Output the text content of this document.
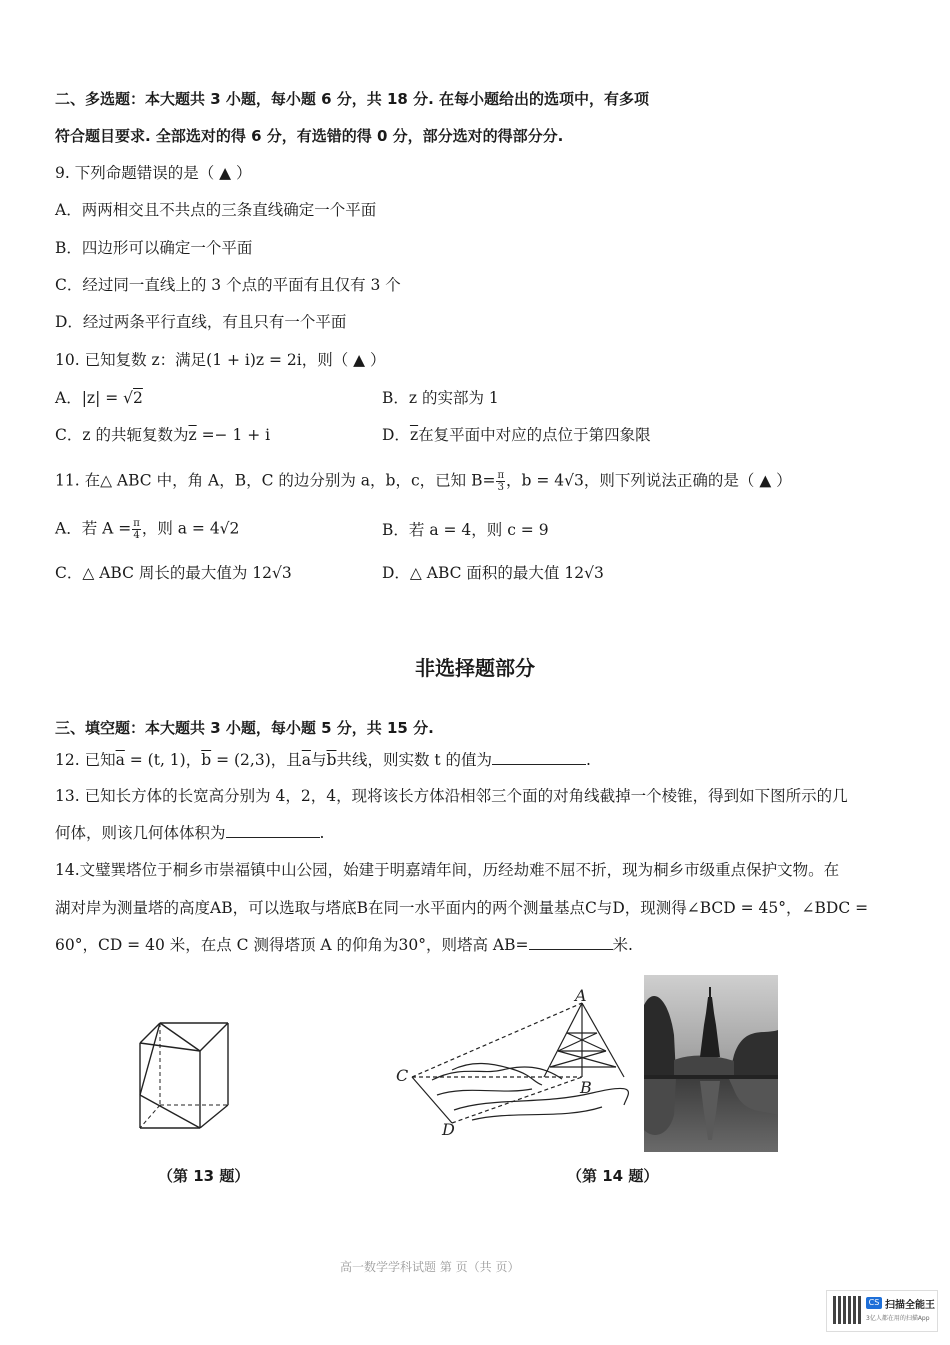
二、多选题：本大题共 3 小题，每小题 6 分，共 18 分. 在每小题给出的选项中，有多项
符合题目要求. 全部选对的得 6 分，有选错的得 0 分，部分选对的得部分分.
9. 下列命题错误的是（ ▲ ）
A．两两相交且不共点的三条直线确定一个平面
B．四边形可以确定一个平面
C．经过同一直线上的 3 个点的平面有且仅有 3 个
D．经过两条平行直线，有且只有一个平面
10. 已知复数 z：满足(1 + i)z = 2i，则（ ▲ ）
A．|z| = √2	B．z 的实部为 1
C．z 的共轭复数为$\overline{z} =- 1 + i$	D．$\overline{z}$在复平面中对应的点位于第四象限
11. 在△ ABC 中，角 A，B，C 的边分别为 a，b，c，已知 $B= \frac{\pi}{3}$ ，b = 4√3，则下列说法正确的是（ ▲ ）
A．若 $A = \frac{\pi}{4}$ ，则 a = 4√2	B．若 a = 4，则 c = 9
C．△ ABC 周长的最大值为 12√3	D．△ ABC 面积的最大值 12√3
非选择题部分
三、填空题：本大题共 3 小题，每小题 5 分，共 15 分.
12. 已知$\overline{a} = (t$, 1)，$\overline{b} = (2,3)$，且$\overline{a}$与$\overline{b}$共线，则实数 t 的值为	.
13. 已知长方体的长宽高分别为 4，2，4，现将该长方体沿相邻三个面的对角线截掉一个棱锥，得到如下图所示的几
何体，则该几何体体积为	.
14.文璧巽塔位于桐乡市崇福镇中山公园，始建于明嘉靖年间，历经劫难不屈不折，现为桐乡市级重点保护文物。在
湖对岸为测量塔的高度AB，可以选取与塔底B在同一水平面内的两个测量基点C与D，现测得∠BCD = 45°，∠BDC =
60°，CD = 40 米，在点 C 测得塔顶 A 的仰角为30°，则塔高 AB=	米.
A
B
C
D
（第 13 题）	（第 14 题）
高一数学学科试题 第 页（共 页）
CS 扫描全能王
3亿人都在用的扫描App
